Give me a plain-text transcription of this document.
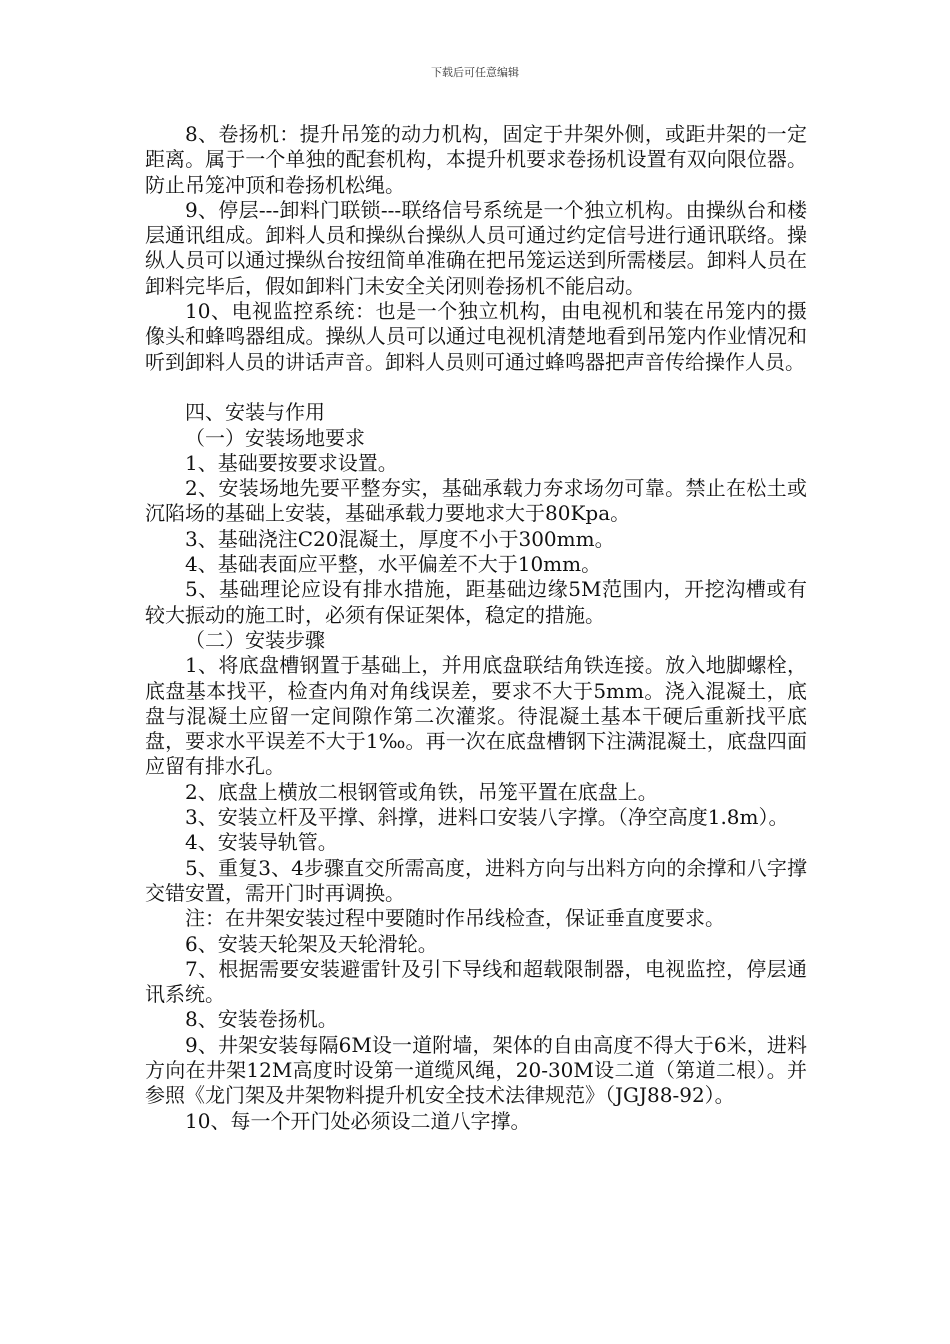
下载后可任意编辑

8、卷扬机：提升吊笼的动力机构，固定于井架外侧，或距井架的一定距离。属于一个单独的配套机构，本提升机要求卷扬机设置有双向限位器。防止吊笼冲顶和卷扬机松绳。

9、停层---卸料门联锁---联络信号系统是一个独立机构。由操纵台和楼层通讯组成。卸料人员和操纵台操纵人员可通过约定信号进行通讯联络。操纵人员可以通过操纵台按纽简单准确在把吊笼运送到所需楼层。卸料人员在卸料完毕后，假如卸料门未安全关闭则卷扬机不能启动。

10、电视监控系统：也是一个独立机构，由电视机和装在吊笼内的摄像头和蜂鸣器组成。操纵人员可以通过电视机清楚地看到吊笼内作业情况和听到卸料人员的讲话声音。卸料人员则可通过蜂鸣器把声音传给操作人员。

四、安装与作用

（一）安装场地要求

1、基础要按要求设置。

2、安装场地先要平整夯实，基础承载力夯求场勿可靠。禁止在松土或沉陷场的基础上安装，基础承载力要地求大于80Kpa。

3、基础浇注C20混凝土，厚度不小于300mm。

4、基础表面应平整，水平偏差不大于10mm。

5、基础理论应设有排水措施，距基础边缘5M范围内，开挖沟槽或有较大振动的施工时，必须有保证架体，稳定的措施。

（二）安装步骤

1、将底盘槽钢置于基础上，并用底盘联结角铁连接。放入地脚螺栓，底盘基本找平，检查内角对角线误差，要求不大于5mm。浇入混凝土，底盘与混凝土应留一定间隙作第二次灌浆。待混凝土基本干硬后重新找平底盘，要求水平误差不大于1‰。再一次在底盘槽钢下注满混凝土，底盘四面应留有排水孔。

2、底盘上横放二根钢管或角铁，吊笼平置在底盘上。

3、安装立杆及平撑、斜撑，进料口安装八字撑。（净空高度1.8m）。

4、安装导轨管。

5、重复3、4步骤直交所需高度，进料方向与出料方向的余撑和八字撑交错安置，需开门时再调换。

注：在井架安装过程中要随时作吊线检查，保证垂直度要求。

6、安装天轮架及天轮滑轮。

7、根据需要安装避雷针及引下导线和超载限制器，电视监控，停层通讯系统。

8、安装卷扬机。

9、井架安装每隔6M设一道附墙，架体的自由高度不得大于6米，进料方向在井架12M高度时设第一道缆风绳，20-30M设二道（第道二根）。并参照《龙门架及井架物料提升机安全技术法律规范》（JGJ88-92）。

10、每一个开门处必须设二道八字撑。
